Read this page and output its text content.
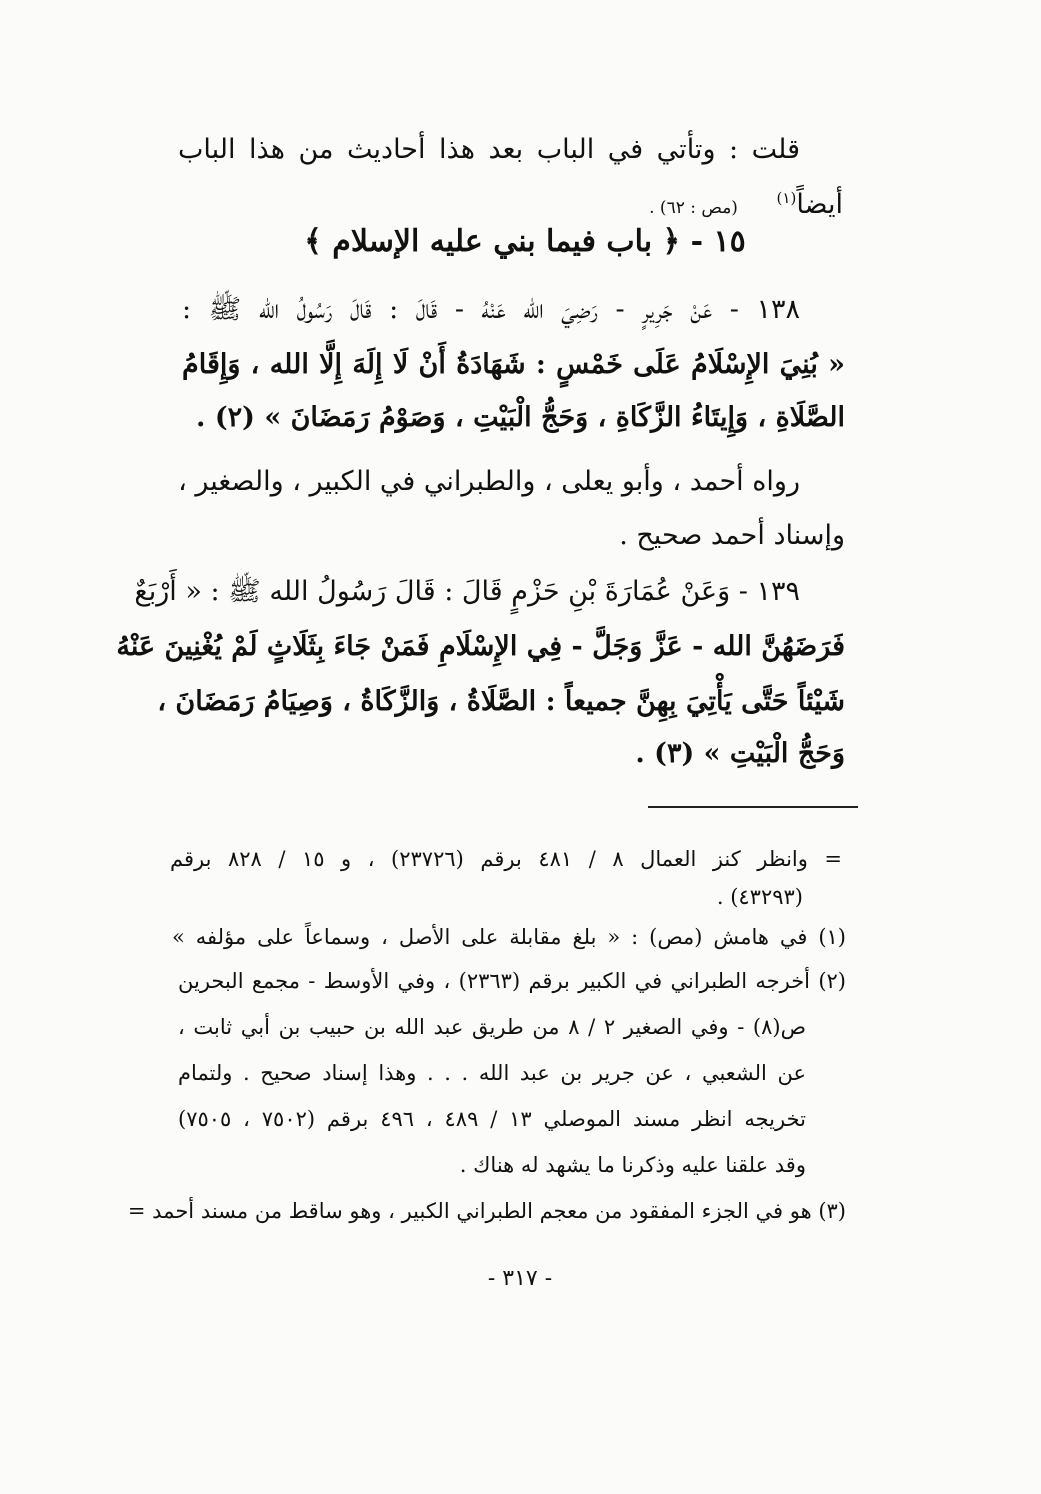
قلت : وتأتي في الباب بعد هذا أحاديث من هذا الباب
أيضاً$^{(١)}$ (مص : ٦٢) .
١٥ - ﴿ باب فيما بني عليه الإسلام ﴾
١٣٨ - عَنْ جَرِيرٍ - رَضِيَ الله عَنْهُ - قَالَ : قَالَ رَسُولُ الله ﷺ :
« بُنِيَ الإِسْلَامُ عَلَى خَمْسٍ : شَهَادَةُ أَنْ لَا إِلَهَ إِلَّا الله ، وَإِقَامُ
الصَّلَاةِ ، وَإِيتَاءُ الزَّكَاةِ ، وَحَجُّ الْبَيْتِ ، وَصَوْمُ رَمَضَانَ » (٢) .
رواه أحمد ، وأبو يعلى ، والطبراني في الكبير ، والصغير ،
وإسناد أحمد صحيح .
١٣٩ - وَعَنْ عُمَارَةَ بْنِ حَزْمٍ قَالَ : قَالَ رَسُولُ الله ﷺ : « أَرْبَعٌ
فَرَضَهُنَّ الله - عَزَّ وَجَلَّ - فِي الإِسْلَامِ فَمَنْ جَاءَ بِثَلَاثٍ لَمْ يُغْنِينَ عَنْهُ
شَيْئاً حَتَّى يَأْتِيَ بِهِنَّ جميعاً : الصَّلَاةُ ، وَالزَّكَاةُ ، وَصِيَامُ رَمَضَانَ ،
وَحَجُّ الْبَيْتِ » (٣) .
= وانظر كنز العمال ٨ / ٤٨١ برقم (٢٣٧٢٦) ، و ١٥ / ٨٢٨ برقم
(٤٣٢٩٣) .
(١) في هامش (مص) : « بلغ مقابلة على الأصل ، وسماعاً على مؤلفه »
(٢) أخرجه الطبراني في الكبير برقم (٢٣٦٣) ، وفي الأوسط - مجمع البحرين
ص(٨) - وفي الصغير ٢ / ٨ من طريق عبد الله بن حبيب بن أبي ثابت ،
عن الشعبي ، عن جرير بن عبد الله . . . وهذا إسناد صحيح . ولتمام
تخريجه انظر مسند الموصلي ١٣ / ٤٨٩ ، ٤٩٦ برقم (٧٥٠٢ ، ٧٥٠٥)
وقد علقنا عليه وذكرنا ما يشهد له هناك .
(٣) هو في الجزء المفقود من معجم الطبراني الكبير ، وهو ساقط من مسند أحمد =
- ٣١٧ -
